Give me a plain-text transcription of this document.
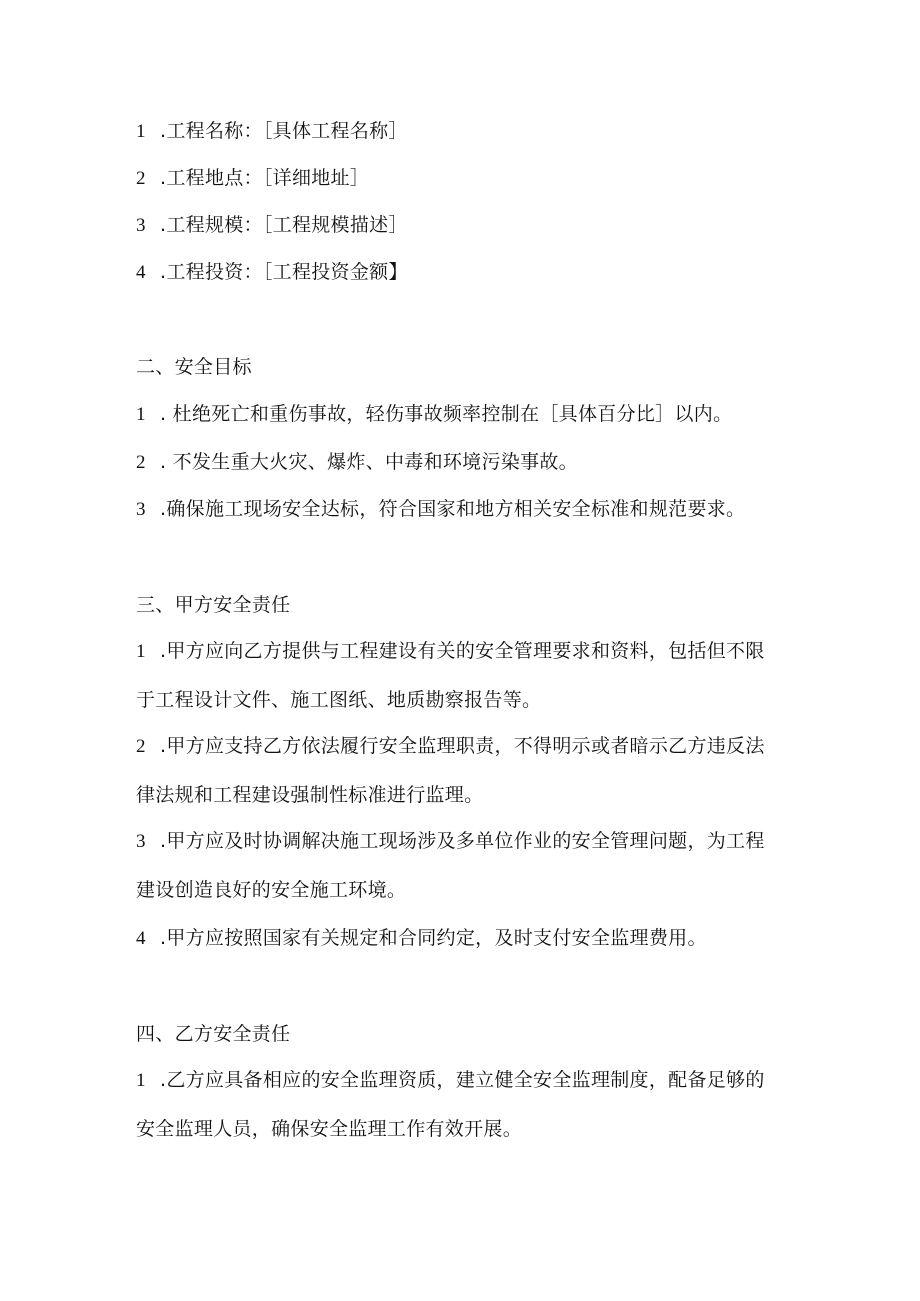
1 .工程名称：［具体工程名称］
2 .工程地点：［详细地址］
3 .工程规模：［工程规模描述］
4 .工程投资：［工程投资金额】
二、安全目标
1 . 杜绝死亡和重伤事故，轻伤事故频率控制在［具体百分比］以内。
2 . 不发生重大火灾、爆炸、中毒和环境污染事故。
3 .确保施工现场安全达标，符合国家和地方相关安全标准和规范要求。
三、甲方安全责任
1 .甲方应向乙方提供与工程建设有关的安全管理要求和资料，包括但不限于工程设计文件、施工图纸、地质勘察报告等。
2 .甲方应支持乙方依法履行安全监理职责，不得明示或者暗示乙方违反法律法规和工程建设强制性标准进行监理。
3 .甲方应及时协调解决施工现场涉及多单位作业的安全管理问题，为工程建设创造良好的安全施工环境。
4 .甲方应按照国家有关规定和合同约定，及时支付安全监理费用。
四、乙方安全责任
1 .乙方应具备相应的安全监理资质，建立健全安全监理制度，配备足够的安全监理人员，确保安全监理工作有效开展。
